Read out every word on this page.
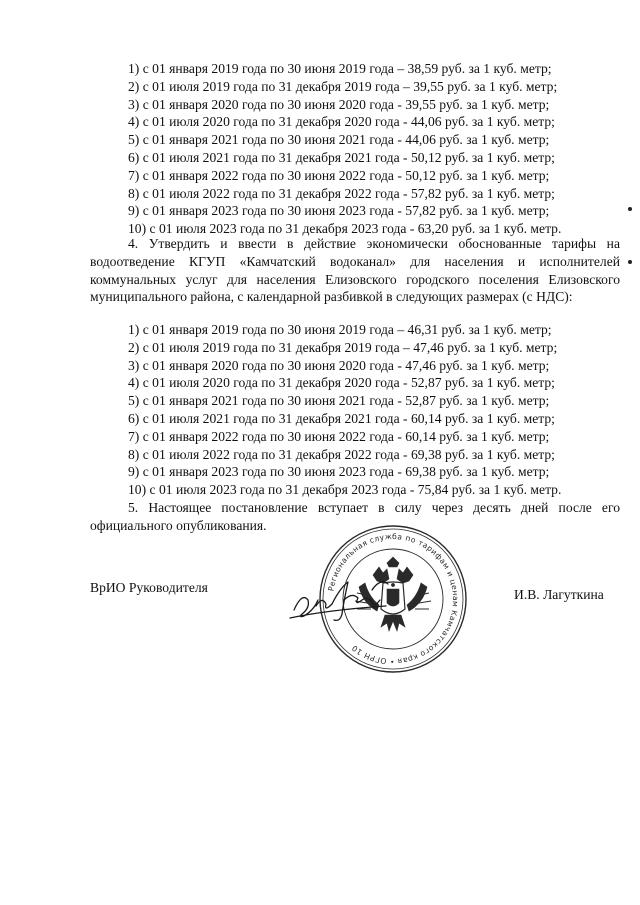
1) с 01 января 2019 года по 30 июня 2019 года – 38,59 руб. за 1 куб. метр;
2) с 01 июля 2019 года по 31 декабря 2019 года – 39,55 руб. за 1 куб. метр;
3) с 01 января 2020 года по 30 июня 2020 года - 39,55 руб. за 1 куб. метр;
4) с 01 июля 2020 года по 31 декабря 2020 года - 44,06 руб. за 1 куб. метр;
5) с 01 января 2021 года по 30 июня 2021 года - 44,06 руб. за 1 куб. метр;
6) с 01 июля 2021 года по 31 декабря 2021 года - 50,12 руб. за 1 куб. метр;
7) с 01 января 2022 года по 30 июня 2022 года - 50,12 руб. за 1 куб. метр;
8) с 01 июля 2022 года по 31 декабря 2022 года - 57,82 руб. за 1 куб. метр;
9) с 01 января 2023 года по 30 июня 2023 года - 57,82 руб. за 1 куб. метр;
10) с 01 июля 2023 года по 31 декабря 2023 года - 63,20 руб. за 1 куб. метр.
4. Утвердить и ввести в действие экономически обоснованные тарифы на водоотведение КГУП «Камчатский водоканал» для населения и исполнителей коммунальных услуг для населения Елизовского городского поселения Елизовского муниципального района, с календарной разбивкой в следующих размерах (с НДС):
1) с 01 января 2019 года по 30 июня 2019 года – 46,31 руб. за 1 куб. метр;
2) с 01 июля 2019 года по 31 декабря 2019 года – 47,46 руб. за 1 куб. метр;
3) с 01 января 2020 года по 30 июня 2020 года - 47,46 руб. за 1 куб. метр;
4) с 01 июля 2020 года по 31 декабря 2020 года - 52,87 руб. за 1 куб. метр;
5) с 01 января 2021 года по 30 июня 2021 года - 52,87 руб. за 1 куб. метр;
6) с 01 июля 2021 года по 31 декабря 2021 года - 60,14 руб. за 1 куб. метр;
7) с 01 января 2022 года по 30 июня 2022 года - 60,14 руб. за 1 куб. метр;
8) с 01 июля 2022 года по 31 декабря 2022 года - 69,38 руб. за 1 куб. метр;
9) с 01 января 2023 года по 30 июня 2023 года - 69,38 руб. за 1 куб. метр;
10) с 01 июля 2023 года по 31 декабря 2023 года - 75,84 руб. за 1 куб. метр.
5. Настоящее постановление вступает в силу через десять дней после его официального опубликования.
ВрИО Руководителя	И.В. Лагуткина
Региональная служба по тарифам и ценам Камчатского края • ОГРН 10
